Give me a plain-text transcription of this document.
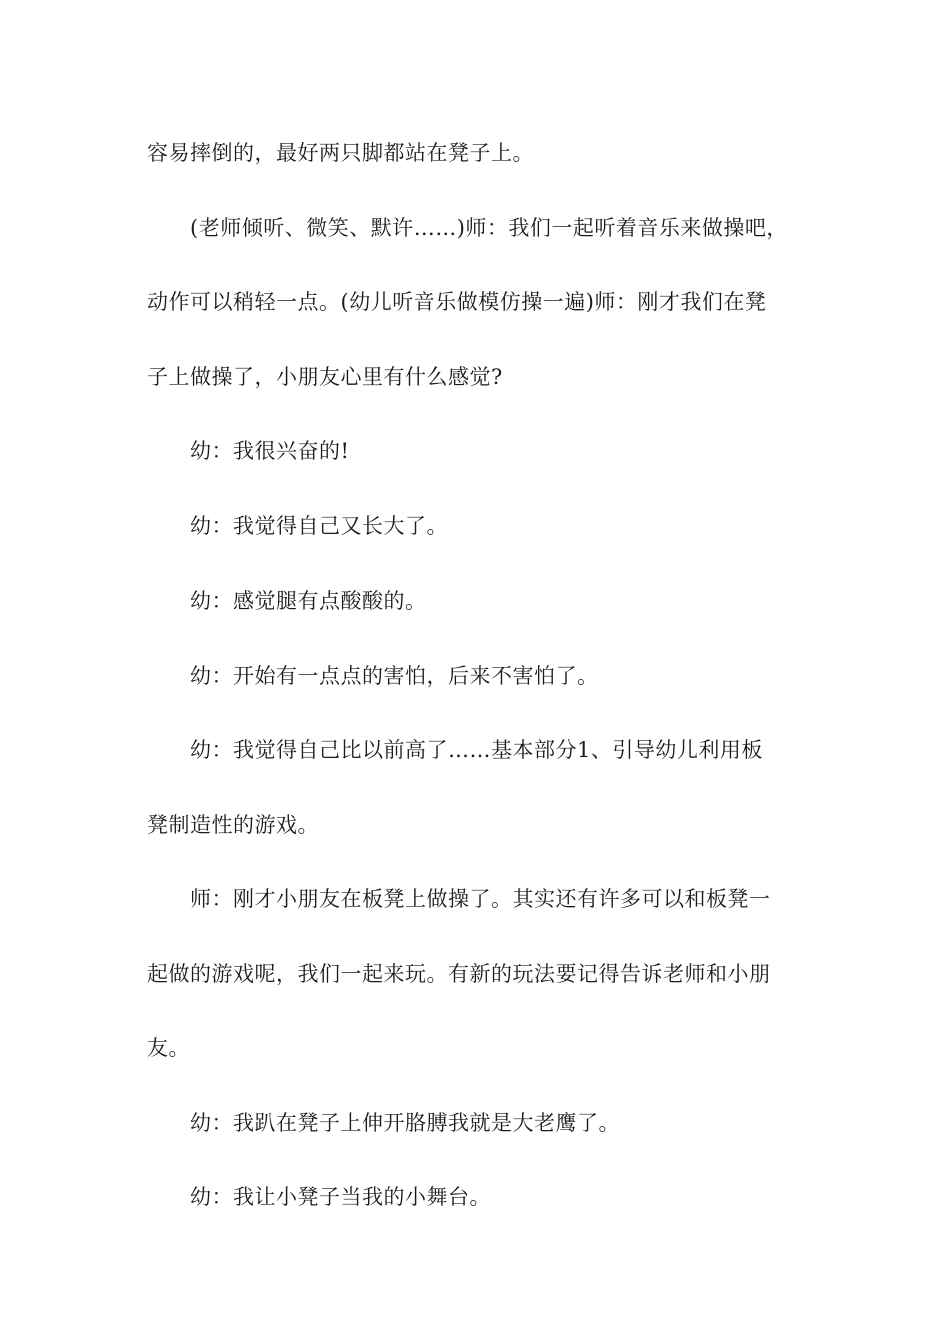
容易摔倒的，最好两只脚都站在凳子上。
(老师倾听、微笑、默许……)师：我们一起听着音乐来做操吧，
动作可以稍轻一点。(幼儿听音乐做模仿操一遍)师：刚才我们在凳
子上做操了，小朋友心里有什么感觉?
幼：我很兴奋的!
幼：我觉得自己又长大了。
幼：感觉腿有点酸酸的。
幼：开始有一点点的害怕，后来不害怕了。
幼：我觉得自己比以前高了……基本部分1、引导幼儿利用板
凳制造性的游戏。
师：刚才小朋友在板凳上做操了。其实还有许多可以和板凳一
起做的游戏呢，我们一起来玩。有新的玩法要记得告诉老师和小朋
友。
幼：我趴在凳子上伸开胳膊我就是大老鹰了。
幼：我让小凳子当我的小舞台。
